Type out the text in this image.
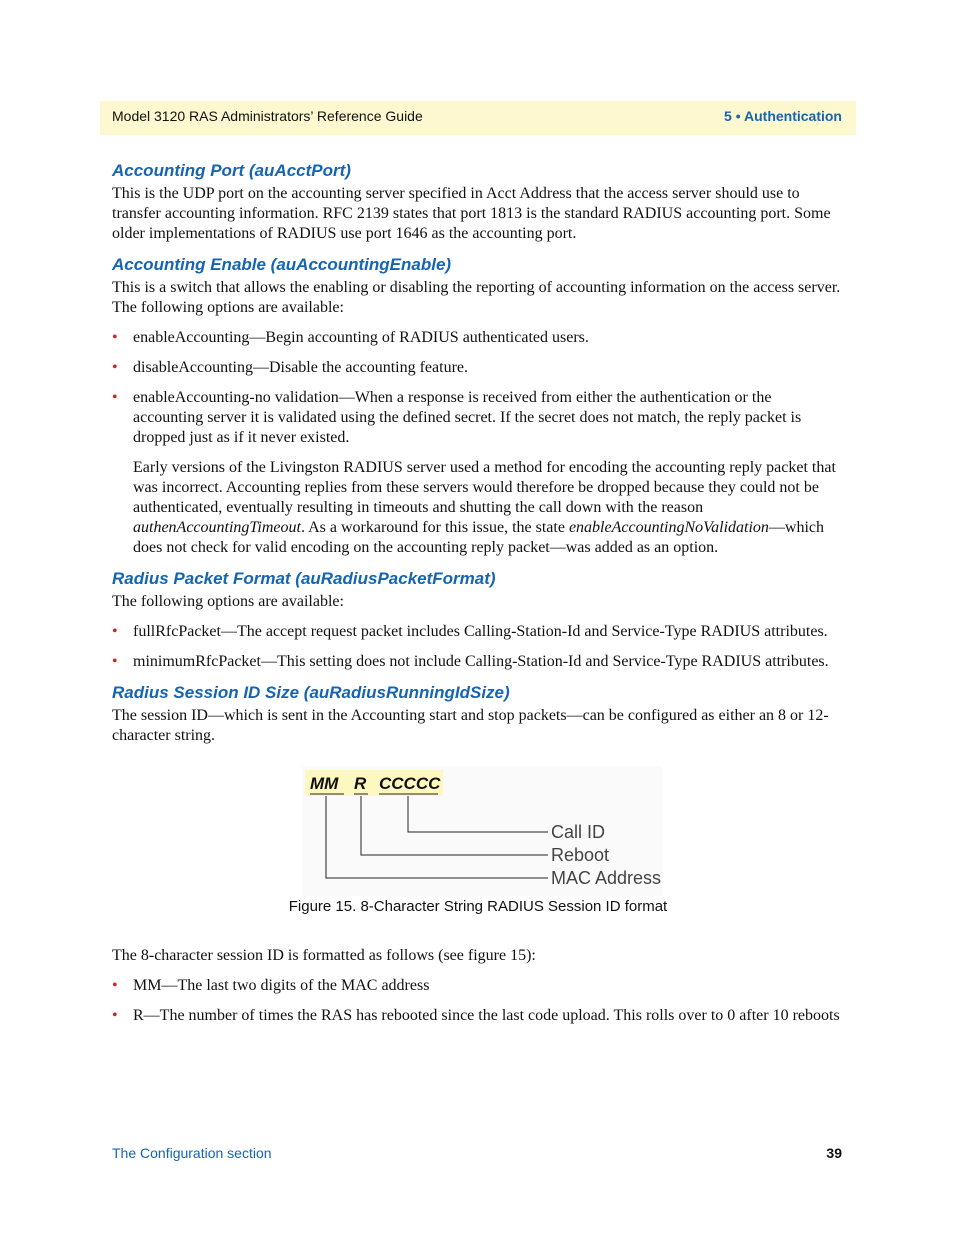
Model 3120 RAS Administrators’ Reference Guide	5 • Authentication
Accounting Port (auAcctPort)

This is the UDP port on the accounting server specified in Acct Address that the access server should use to transfer accounting information. RFC 2139 states that port 1813 is the standard RADIUS accounting port. Some older implementations of RADIUS use port 1646 as the accounting port.

Accounting Enable (auAccountingEnable)

This is a switch that allows the enabling or disabling the reporting of accounting information on the access server. The following options are available:

• enableAccounting—Begin accounting of RADIUS authenticated users.
• disableAccounting—Disable the accounting feature.
• enableAccounting-no validation—When a response is received from either the authentication or the accounting server it is validated using the defined secret. If the secret does not match, the reply packet is dropped just as if it never existed.

Early versions of the Livingston RADIUS server used a method for encoding the accounting reply packet that was incorrect. Accounting replies from these servers would therefore be dropped because they could not be authenticated, eventually resulting in timeouts and shutting the call down with the reason authenAccountingTimeout. As a workaround for this issue, the state enableAccountingNoValidation—which does not check for valid encoding on the accounting reply packet—was added as an option.

Radius Packet Format (auRadiusPacketFormat)

The following options are available:

• fullRfcPacket—The accept request packet includes Calling-Station-Id and Service-Type RADIUS attributes.
• minimumRfcPacket—This setting does not include Calling-Station-Id and Service-Type RADIUS attributes.
Radius Session ID Size (auRadiusRunningIdSize)

The session ID—which is sent in the Accounting start and stop packets—can be configured as either an 8 or 12-character string.

MM R CCCCC
Call ID
Reboot
MAC Address
Figure 15. 8-Character String RADIUS Session ID format

The 8-character session ID is formatted as follows (see figure 15):

• MM—The last two digits of the MAC address
• R—The number of times the RAS has rebooted since the last code upload. This rolls over to 0 after 10 reboots
The Configuration section	39
